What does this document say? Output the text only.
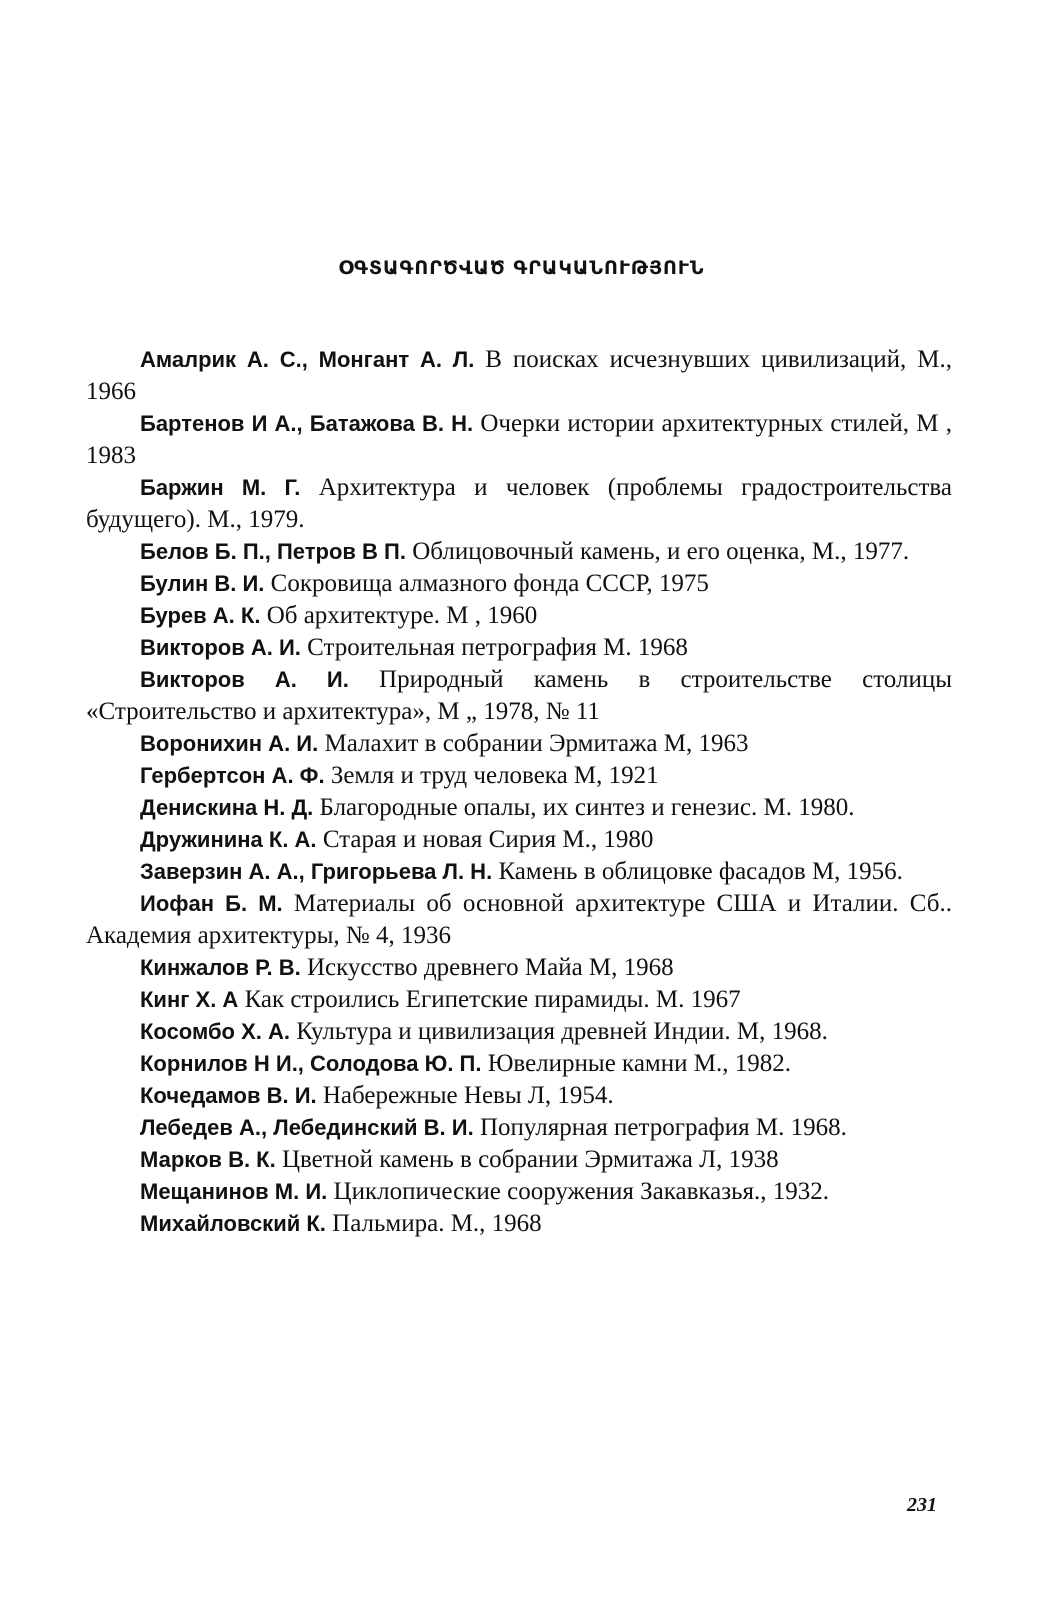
ՕԳՏԱԳՈՐԾՎԱԾ ԳՐԱԿԱՆՈՒԹՅՈՒՆ

Амалрик А. С., Монгант А. Л. В поисках исчезнувших цивилизаций, М., 1966

Бартенов И А., Батажова В. Н. Очерки истории архитектурных стилей, М , 1983

Баржин М. Г. Архитектура и человек (проблемы градостроительства будущего). М., 1979.

Белов Б. П., Петров В П. Облицовочный камень, и его оценка, М., 1977.

Булин В. И. Сокровища алмазного фонда СССР, 1975

Бурев А. К. Об архитектуре. М , 1960

Викторов А. И. Строительная петрография М. 1968

Викторов А. И. Природный камень в строительстве столицы «Строительство и архитектура», М „ 1978, № 11

Воронихин А. И. Малахит в собрании Эрмитажа М, 1963

Гербертсон А. Ф. Земля и труд человека М, 1921

Денискина Н. Д. Благородные опалы, их синтез и генезис. М. 1980.

Дружинина К. А. Старая и новая Сирия М., 1980

Заверзин А. А., Григорьева Л. Н. Камень в облицовке фасадов М, 1956.

Иофан Б. М. Материалы об основной архитектуре США и Италии. Сб.. Академия архитектуры, № 4, 1936

Кинжалов Р. В. Искусство древнего Майа М, 1968

Кинг Х. А Как строились Египетские пирамиды. М. 1967

Косомбо Х. А. Культура и цивилизация древней Индии. М, 1968.

Корнилов Н И., Солодова Ю. П. Ювелирные камни М., 1982.

Кочедамов В. И. Набережные Невы Л, 1954.

Лебедев А., Лебединский В. И. Популярная петрография М. 1968.

Марков В. К. Цветной камень в собрании Эрмитажа Л, 1938

Мещанинов М. И. Циклопические сооружения Закавказья., 1932.

Михайловский К. Пальмира. М., 1968

231
